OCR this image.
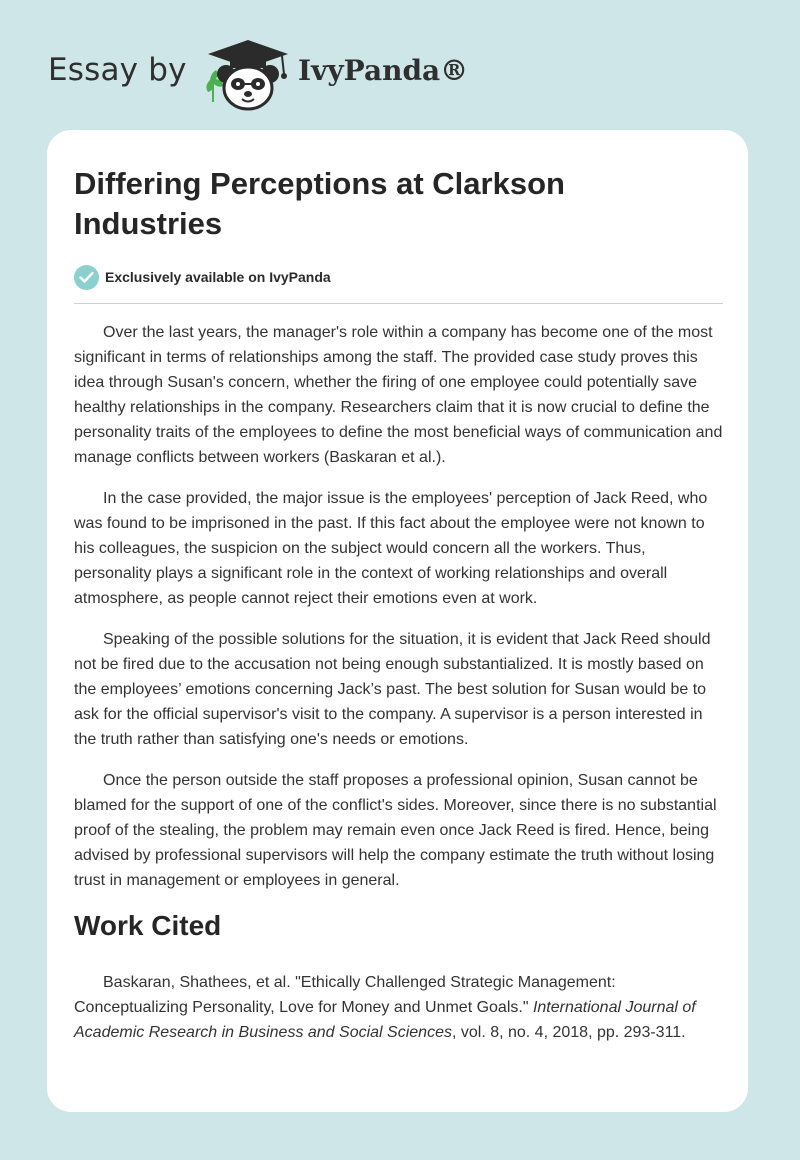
Essay by	IvyPanda®
Differing Perceptions at Clarkson Industries
Exclusively available on IvyPanda

Over the last years, the manager's role within a company has become one of the most significant in terms of relationships among the staff. The provided case study proves this idea through Susan's concern, whether the firing of one employee could potentially save healthy relationships in the company. Researchers claim that it is now crucial to define the personality traits of the employees to define the most beneficial ways of communication and manage conflicts between workers (Baskaran et al.).

In the case provided, the major issue is the employees' perception of Jack Reed, who was found to be imprisoned in the past. If this fact about the employee were not known to his colleagues, the suspicion on the subject would concern all the workers. Thus, personality plays a significant role in the context of working relationships and overall atmosphere, as people cannot reject their emotions even at work.

Speaking of the possible solutions for the situation, it is evident that Jack Reed should not be fired due to the accusation not being enough substantialized. It is mostly based on the employees’ emotions concerning Jack’s past. The best solution for Susan would be to ask for the official supervisor's visit to the company. A supervisor is a person interested in the truth rather than satisfying one's needs or emotions.

Once the person outside the staff proposes a professional opinion, Susan cannot be blamed for the support of one of the conflict's sides. Moreover, since there is no substantial proof of the stealing, the problem may remain even once Jack Reed is fired. Hence, being advised by professional supervisors will help the company estimate the truth without losing trust in management or employees in general.

Work Cited

Baskaran, Shathees, et al. "Ethically Challenged Strategic Management: Conceptualizing Personality, Love for Money and Unmet Goals." International Journal of Academic Research in Business and Social Sciences, vol. 8, no. 4, 2018, pp. 293-311.
